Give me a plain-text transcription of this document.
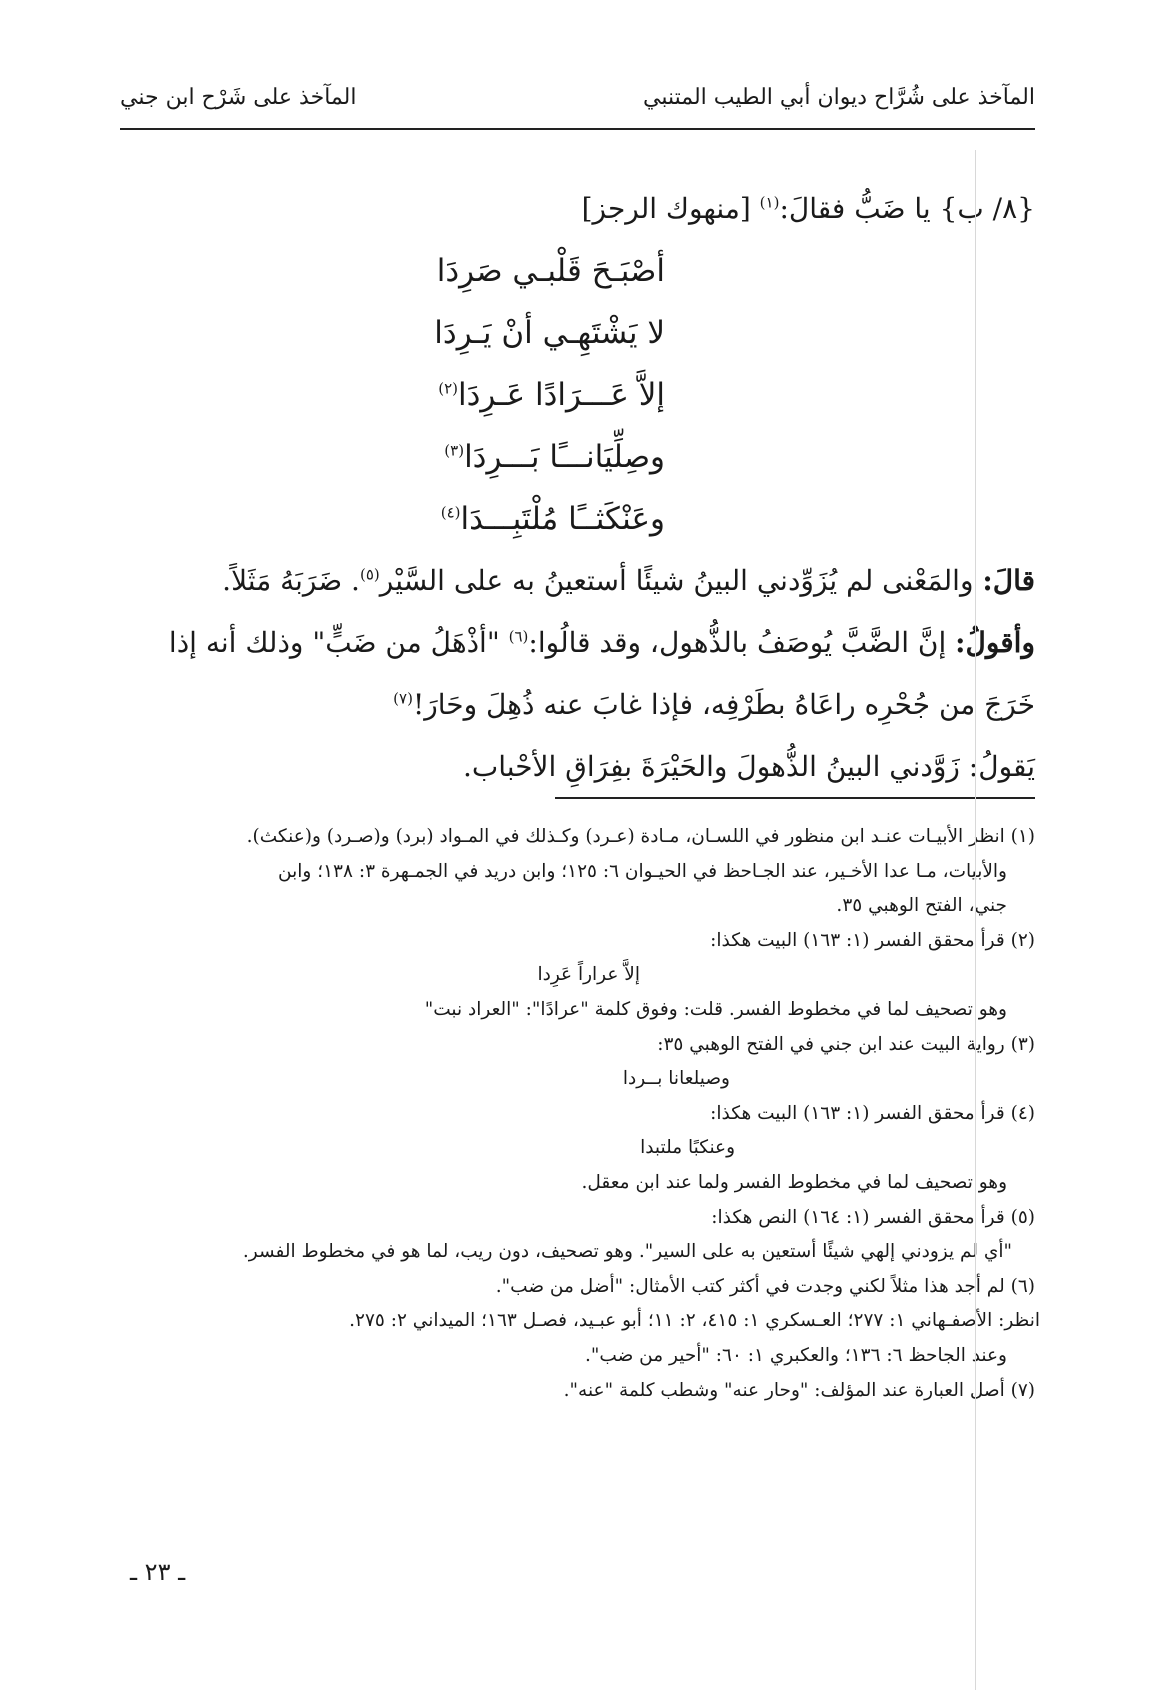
المآخذ على شُرَّاح ديوان أبي الطيب المتنبي
المآخذ على شَرْح ابن جني
{٨/ ب} يا ضَبُّ فقالَ:$^{(١)}$ [منهوك الرجز]
أصْبَـحَ قَلْبـي صَرِدَا
لا يَشْتَهِـي أنْ يَـرِدَا
إلاَّ عَـــرَادًا عَـرِدَا$^{(٢)}$
وصِلِّيَانـــًا بَـــرِدَا$^{(٣)}$
وعَنْكَثــًا مُلْتَبِـــدَا$^{(٤)}$
قالَ: والمَعْنى لم يُزَوِّدني البينُ شيئًا أستعينُ به على السَّيْر$^{(٥)}$. ضَرَبَهُ مَثَلاً.
وأقولُ: إنَّ الضَّبَّ يُوصَفُ بالذُّهول، وقد قالُوا:$^{(٦)}$ "أذْهَلُ من ضَبٍّ" وذلك أنه إذا
خَرَجَ من جُحْرِه راعَاهُ بطَرْفِه، فإذا غابَ عنه ذُهِلَ وحَارَ!$^{(٧)}$
يَقولُ: زَوَّدني البينُ الذُّهولَ والحَيْرَةَ بفِرَاقِ الأحْباب.
(١) انظر الأبيـات عنـد ابن منظور في اللسـان، مـادة (عـرد) وكـذلك في المـواد (برد) و(صـرد) و(عنكث).
والأبيات، مـا عدا الأخـير، عند الجـاحظ في الحيـوان ٦: ١٢٥؛ وابن دريد في الجمـهرة ٣: ١٣٨؛ وابن
جني، الفتح الوهبي ٣٥.
(٢) قرأ محقق الفسر (١: ١٦٣) البيت هكذا:
إلاَّ عراراً عَرِدا
وهو تصحيف لما في مخطوط الفسر. قلت: وفوق كلمة "عرادًا": "العراد نبت"
(٣) رواية البيت عند ابن جني في الفتح الوهبي ٣٥:
وصيلعانا بــردا
(٤) قرأ محقق الفسر (١: ١٦٣) البيت هكذا:
وعنكبًا ملتبدا
وهو تصحيف لما في مخطوط الفسر ولما عند ابن معقل.
(٥) قرأ محقق الفسر (١: ١٦٤) النص هكذا:
"أي لم يزودني إلهي شيئًا أستعين به على السير". وهو تصحيف، دون ريب، لما هو في مخطوط الفسر.
(٦) لم أجد هذا مثلاً لكني وجدت في أكثر كتب الأمثال: "أضل من ضب".
انظر: الأصفـهاني ١: ٢٧٧؛ العـسكري ١: ٤١٥، ٢: ١١؛ أبو عبـيد، فصـل ١٦٣؛ الميداني ٢: ٢٧٥.
وعند الجاحظ ٦: ١٣٦؛ والعكبري ١: ٦٠: "أحير من ضب".
(٧) أصل العبارة عند المؤلف: "وحار عنه" وشطب كلمة "عنه".
ـ ٢٣ ـ
